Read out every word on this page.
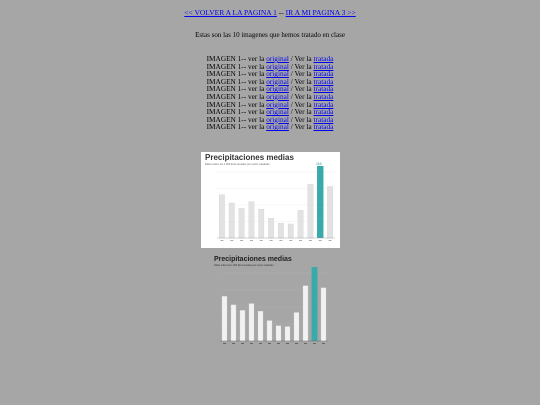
<< VOLVER A LA PAGINA 1 -- IR A MI PAGINA 3 >>
Estas son las 10 imagenes que hemos tratado en clase
IMAGEN 1-- ver la original / Ver la tratada
IMAGEN 1-- ver la original / Ver la tratada
IMAGEN 1-- ver la original / Ver la tratada
IMAGEN 1-- ver la original / Ver la tratada
IMAGEN 1-- ver la original / Ver la tratada
IMAGEN 1-- ver la original / Ver la tratada
IMAGEN 1-- ver la original / Ver la tratada
IMAGEN 1-- ver la original / Ver la tratada
IMAGEN 1-- ver la original / Ver la tratada
IMAGEN 1-- ver la original / Ver la tratada
Precipitaciones medias
Datos sobre los 1.000 litros anuales por metro cuadrado	116
Precipitaciones medias
Datos sobre los 1.000 litros anuales por metro cuadrado
